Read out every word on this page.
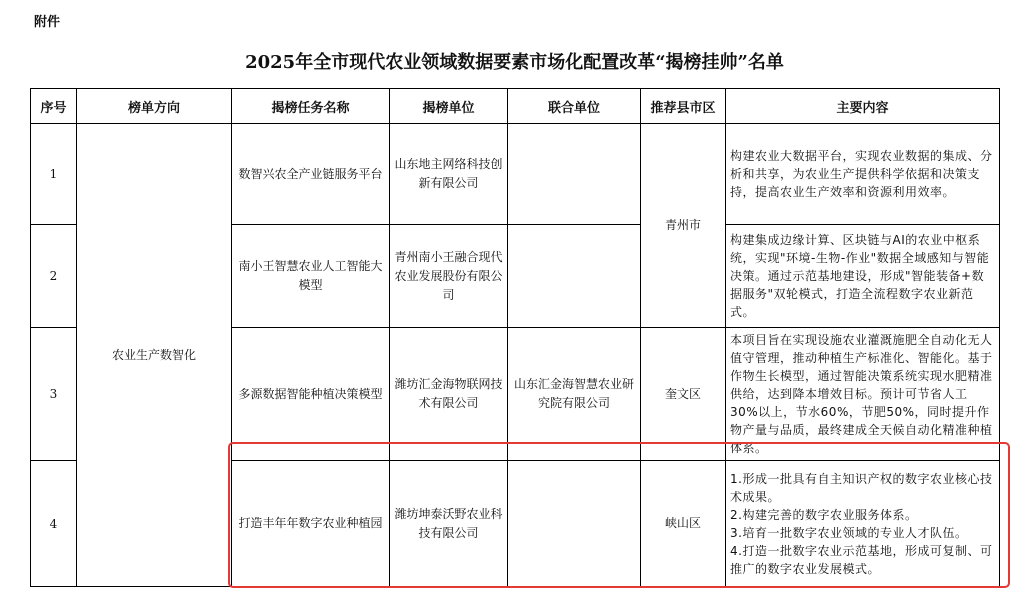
附件
2025年全市现代农业领域数据要素市场化配置改革“揭榜挂帅”名单
序号	榜单方向	揭榜任务名称	揭榜单位	联合单位	推荐县市区	主要内容
1	农业生产数智化	数智兴农全产业链服务平台	山东地主网络科技创新有限公司		青州市	构建农业大数据平台，实现农业数据的集成、分析和共享，为农业生产提供科学依据和决策支持，提高农业生产效率和资源利用效率。
2		南小王智慧农业人工智能大模型	青州南小王融合现代农业发展股份有限公司			构建集成边缘计算、区块链与AI的农业中枢系统，实现"环境-生物-作业"数据全域感知与智能决策。通过示范基地建设，形成"智能装备+数据服务"双轮模式，打造全流程数字农业新范式。
3		多源数据智能种植决策模型	潍坊汇金海物联网技术有限公司	山东汇金海智慧农业研究院有限公司	奎文区	本项目旨在实现设施农业灌溉施肥全自动化无人值守管理，推动种植生产标准化、智能化。基于作物生长模型，通过智能决策系统实现水肥精准供给，达到降本增效目标。预计可节省人工30%以上，节水60%，节肥50%，同时提升作物产量与品质，最终建成全天候自动化精准种植体系。
4		打造丰年年数字农业种植园	潍坊坤泰沃野农业科技有限公司		峡山区	1.形成一批具有自主知识产权的数字农业核心技术成果。
2.构建完善的数字农业服务体系。
3.培育一批数字农业领域的专业人才队伍。
4.打造一批数字农业示范基地，形成可复制、可推广的数字农业发展模式。
